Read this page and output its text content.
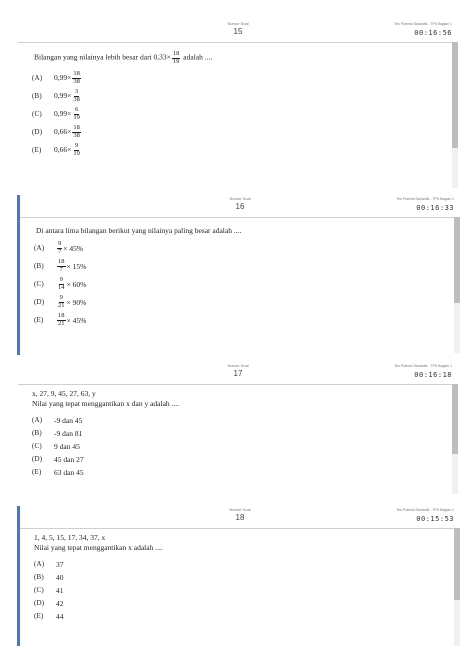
Nomor Soal
15
Tes Potensi Skolastik - TPS Bagian 1
00:16:56
Bilangan yang nilainya lebih besar dari $0,33\times \frac{18}{19}$ adalah ....
(A)	$0,99\times \frac{18}{38}$
(B)	$0,99\times \frac{3}{38}$
(C)	$0,99\times \frac{6}{19}$
(D)	$0,66\times \frac{18}{38}$
(E)	$0,66\times \frac{9}{19}$
Nomor Soal
16
Tes Potensi Skolastik - TPS Bagian 1
00:16:33
Di antara lima bilangan berikut yang nilainya paling besar adalah ....
(A)	$\frac{9}{7} \times 45\%$
(B)	$\frac{18}{7} \times 15\%$
(C)	$\frac{9}{14} \times 60\%$
(D)	$\frac{9}{21} \times 90\%$
(E)	$\frac{18}{21} \times 45\%$
Nomor Soal
17
Tes Potensi Skolastik - TPS Bagian 1
00:16:18
x, 27, 9, 45, 27, 63, y
Nilai yang tepat menggantikan x dan y adalah ....
(A)	-9 dan 45
(B)	-9 dan 81
(C)	9 dan 45
(D)	45 dan 27
(E)	63 dan 45
Nomor Soal
18
Tes Potensi Skolastik - TPS Bagian 1
00:15:53
1, 4, 5, 15, 17, 34, 37, x
Nilai yang tepat menggantikan x adalah ....
(A)	37
(B)	40
(C)	41
(D)	42
(E)	44
